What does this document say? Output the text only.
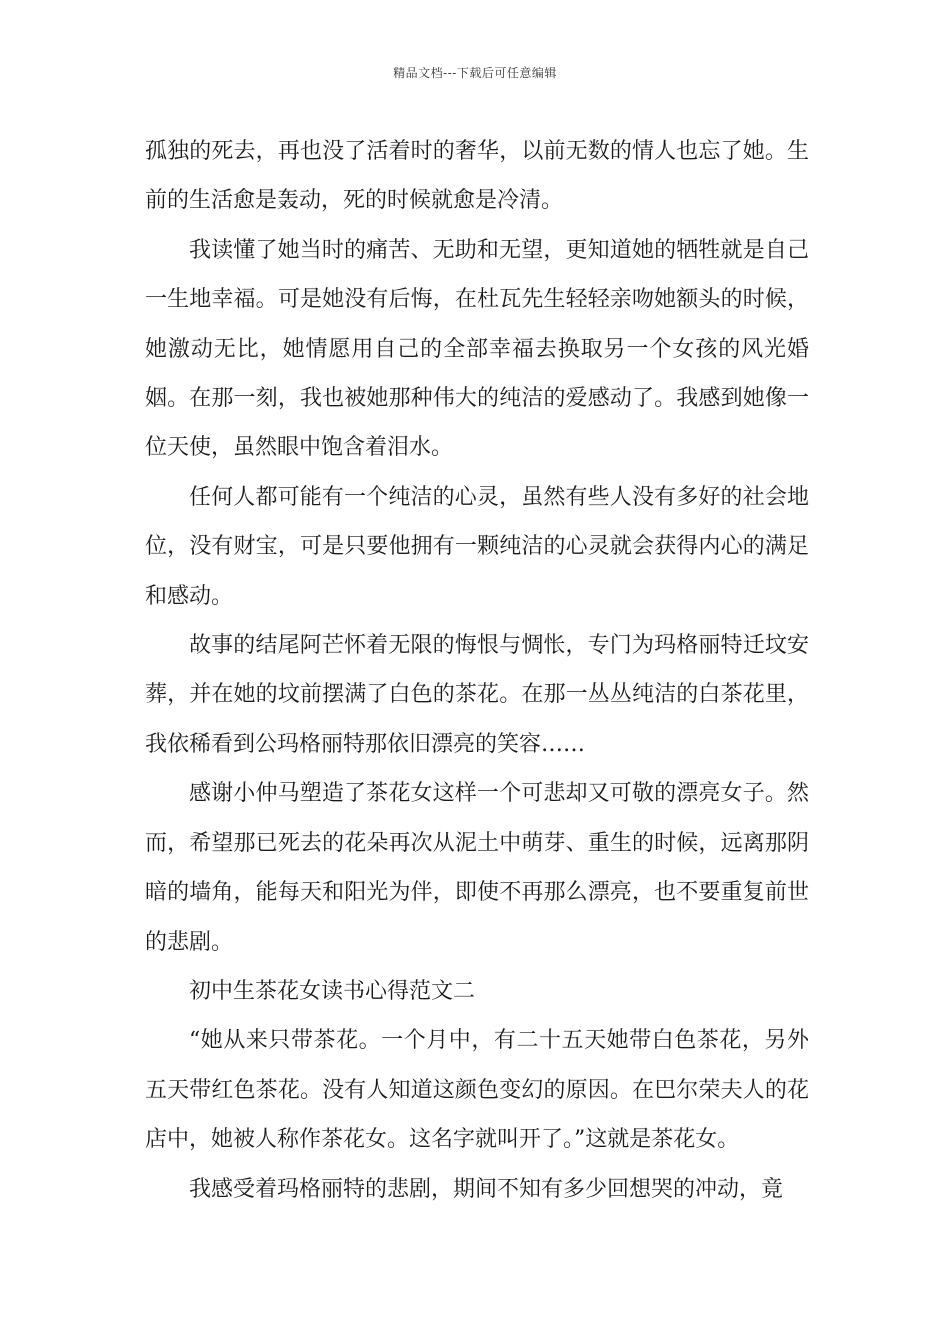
精品文档---下载后可任意编辑

孤独的死去，再也没了活着时的奢华，以前无数的情人也忘了她。生前的生活愈是轰动，死的时候就愈是冷清。

我读懂了她当时的痛苦、无助和无望，更知道她的牺牲就是自己一生地幸福。可是她没有后悔，在杜瓦先生轻轻亲吻她额头的时候，她激动无比，她情愿用自己的全部幸福去换取另一个女孩的风光婚姻。在那一刻，我也被她那种伟大的纯洁的爱感动了。我感到她像一位天使，虽然眼中饱含着泪水。

任何人都可能有一个纯洁的心灵，虽然有些人没有多好的社会地位，没有财宝，可是只要他拥有一颗纯洁的心灵就会获得内心的满足和感动。

故事的结尾阿芒怀着无限的悔恨与惆怅，专门为玛格丽特迁坟安葬，并在她的坟前摆满了白色的茶花。在那一丛丛纯洁的白茶花里，我依稀看到公玛格丽特那依旧漂亮的笑容……

感谢小仲马塑造了茶花女这样一个可悲却又可敬的漂亮女子。然而，希望那已死去的花朵再次从泥土中萌芽、重生的时候，远离那阴暗的墙角，能每天和阳光为伴，即使不再那么漂亮，也不要重复前世的悲剧。

初中生茶花女读书心得范文二

“她从来只带茶花。一个月中，有二十五天她带白色茶花，另外五天带红色茶花。没有人知道这颜色变幻的原因。在巴尔荣夫人的花店中，她被人称作茶花女。这名字就叫开了。”这就是茶花女。

我感受着玛格丽特的悲剧，期间不知有多少回想哭的冲动，竟
